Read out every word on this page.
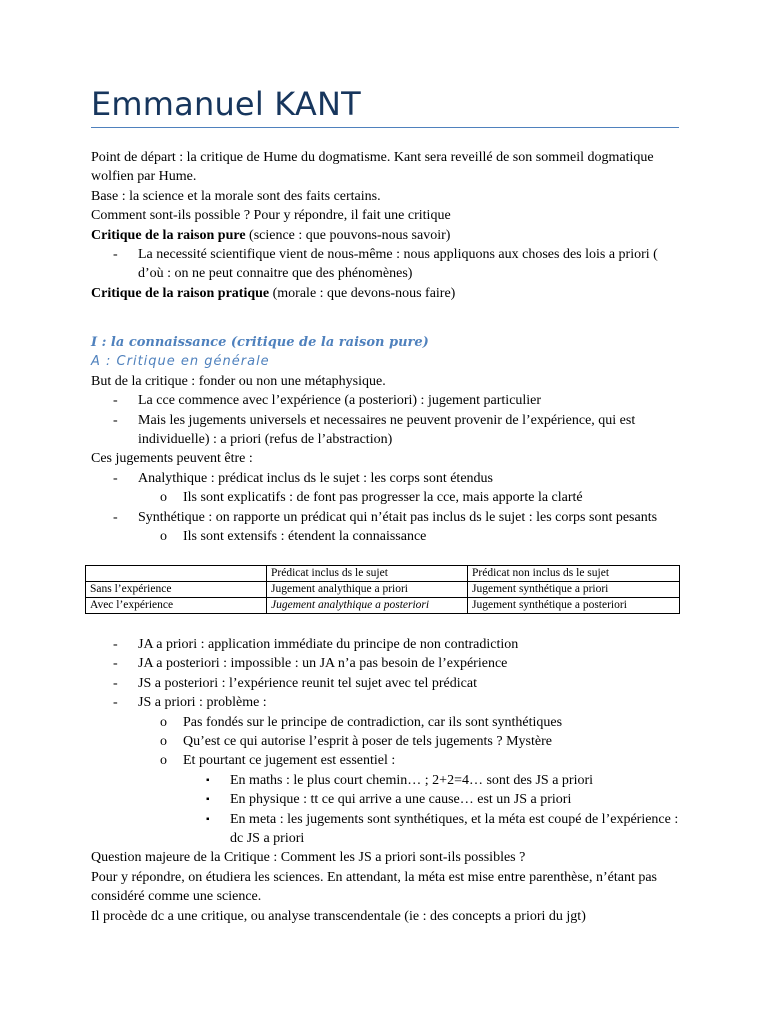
Emmanuel KANT

Point de départ : la critique de Hume du dogmatisme. Kant sera reveillé de son sommeil dogmatique wolfien par Hume.

Base : la science et la morale sont des faits certains.

Comment sont-ils possible ? Pour y répondre, il fait une critique

Critique de la raison pure (science : que pouvons-nous savoir)

- La necessité scientifique vient de nous-même : nous appliquons aux choses des lois a priori ( d’où : on ne peut connaitre que des phénomènes)

Critique de la raison pratique (morale : que devons-nous faire)

I : la connaissance (critique de la raison pure)

A : Critique en générale

But de la critique : fonder ou non une métaphysique.

- La cce commence avec l’expérience (a posteriori) : jugement particulier
- Mais les jugements universels et necessaires ne peuvent provenir de l’expérience, qui est individuelle) : a priori (refus de l’abstraction)

Ces jugements peuvent être :

- Analythique : prédicat inclus ds le sujet : les corps sont étendus
o Ils sont explicatifs : de font pas progresser la cce, mais apporte la clarté
- Synthétique : on rapporte un prédicat qui n’était pas inclus ds le sujet : les corps sont pesants
o Ils sont extensifs : étendent la connaissance
	Prédicat inclus ds le sujet	Prédicat non inclus ds le sujet
Sans l’expérience	Jugement analythique a priori	Jugement synthétique a priori
Avec l’expérience	Jugement analythique a posteriori	Jugement synthétique a posteriori
- JA a priori : application immédiate du principe de non contradiction
- JA a posteriori : impossible : un JA n’a pas besoin de l’expérience
- JS a posteriori : l’expérience reunit tel sujet avec tel prédicat
- JS a priori : problème :
o Pas fondés sur le principe de contradiction, car ils sont synthétiques
o Qu’est ce qui autorise l’esprit à poser de tels jugements ? Mystère
o Et pourtant ce jugement est essentiel :
▪ En maths : le plus court chemin… ; 2+2=4… sont des JS a priori
▪ En physique : tt ce qui arrive a une cause… est un JS a priori
▪ En meta : les jugements sont synthétiques, et la méta est coupé de l’expérience : dc JS a priori

Question majeure de la Critique : Comment les JS a priori sont-ils possibles ?

Pour y répondre, on étudiera les sciences. En attendant, la méta est mise entre parenthèse, n’étant pas considéré comme une science.

Il procède dc a une critique, ou analyse transcendentale (ie : des concepts a priori du jgt)
